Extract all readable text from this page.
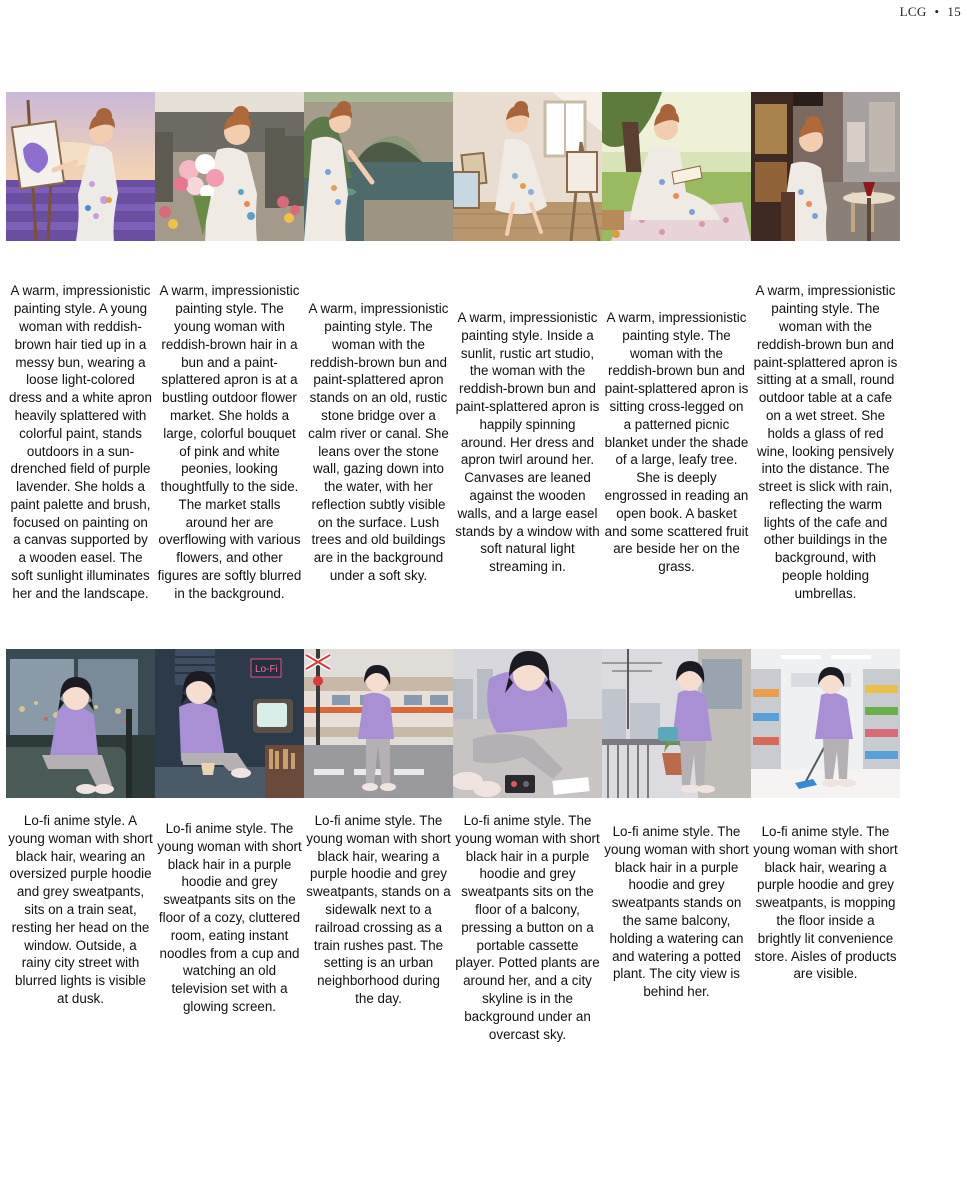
LCG • 15
A warm, impressionistic painting style. A young woman with reddish-brown hair tied up in a messy bun, wearing a loose light-colored dress and a white apron heavily splattered with colorful paint, stands outdoors in a sun-drenched field of purple lavender. She holds a paint palette and brush, focused on painting on a canvas supported by a wooden easel. The soft sunlight illuminates her and the landscape.
A warm, impressionistic painting style. The young woman with reddish-brown hair in a bun and a paint-splattered apron is at a bustling outdoor flower market. She holds a large, colorful bouquet of pink and white peonies, looking thoughtfully to the side. The market stalls around her are overflowing with various flowers, and other figures are softly blurred in the background.
A warm, impressionistic painting style. The woman with the reddish-brown bun and paint-splattered apron stands on an old, rustic stone bridge over a calm river or canal. She leans over the stone wall, gazing down into the water, with her reflection subtly visible on the surface. Lush trees and old buildings are in the background under a soft sky.
A warm, impressionistic painting style. Inside a sunlit, rustic art studio, the woman with the reddish-brown bun and paint-splattered apron is happily spinning around. Her dress and apron twirl around her. Canvases are leaned against the wooden walls, and a large easel stands by a window with soft natural light streaming in.
A warm, impressionistic painting style. The woman with the reddish-brown bun and paint-splattered apron is sitting cross-legged on a patterned picnic blanket under the shade of a large, leafy tree. She is deeply engrossed in reading an open book. A basket and some scattered fruit are beside her on the grass.
A warm, impressionistic painting style. The woman with the reddish-brown bun and paint-splattered apron is sitting at a small, round outdoor table at a cafe on a wet street. She holds a glass of red wine, looking pensively into the distance. The street is slick with rain, reflecting the warm lights of the cafe and other buildings in the background, with people holding umbrellas.
Lo-Fi
Lo-fi anime style. A young woman with short black hair, wearing an oversized purple hoodie and grey sweatpants, sits on a train seat, resting her head on the window. Outside, a rainy city street with blurred lights is visible at dusk.
Lo-fi anime style. The young woman with short black hair in a purple hoodie and grey sweatpants sits on the floor of a cozy, cluttered room, eating instant noodles from a cup and watching an old television set with a glowing screen.
Lo-fi anime style. The young woman with short black hair, wearing a purple hoodie and grey sweatpants, stands on a sidewalk next to a railroad crossing as a train rushes past. The setting is an urban neighborhood during the day.
Lo-fi anime style. The young woman with short black hair in a purple hoodie and grey sweatpants sits on the floor of a balcony, pressing a button on a portable cassette player. Potted plants are around her, and a city skyline is in the background under an overcast sky.
Lo-fi anime style. The young woman with short black hair in a purple hoodie and grey sweatpants stands on the same balcony, holding a watering can and watering a potted plant. The city view is behind her.
Lo-fi anime style. The young woman with short black hair, wearing a purple hoodie and grey sweatpants, is mopping the floor inside a brightly lit convenience store. Aisles of products are visible.
